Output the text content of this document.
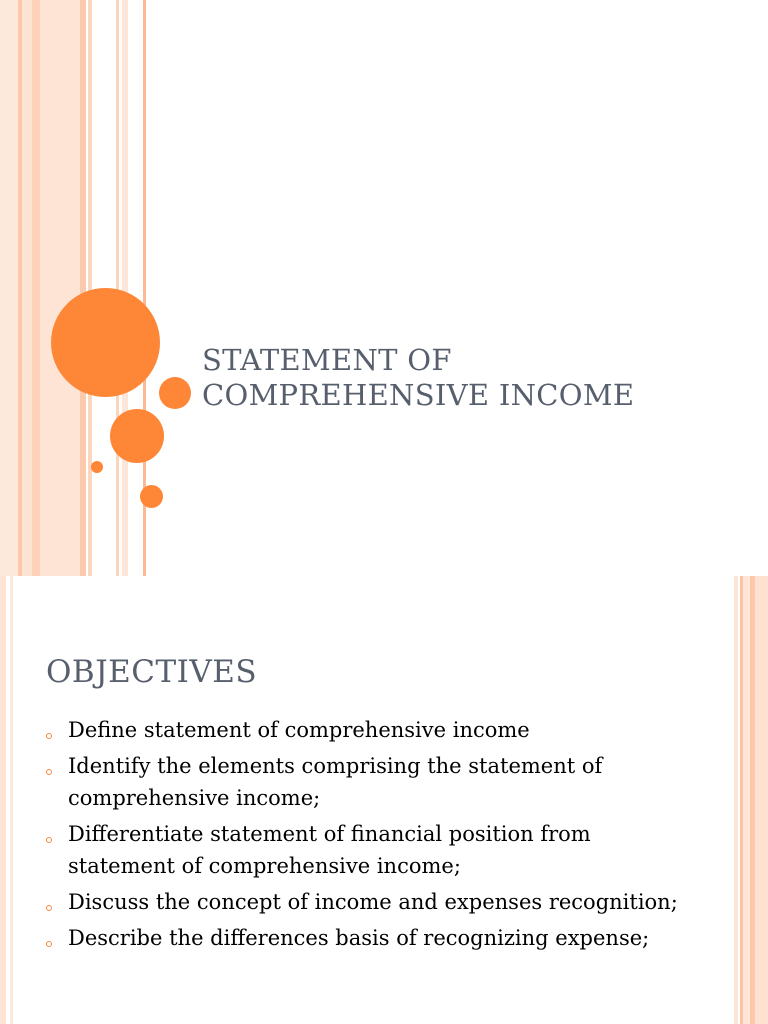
STATEMENT OF
COMPREHENSIVE INCOME
OBJECTIVES
Define statement of comprehensive income
Identify the elements comprising the statement of comprehensive income;
Differentiate statement of financial position from statement of comprehensive income;
Discuss the concept of income and expenses recognition;
Describe the differences basis of recognizing expense;
